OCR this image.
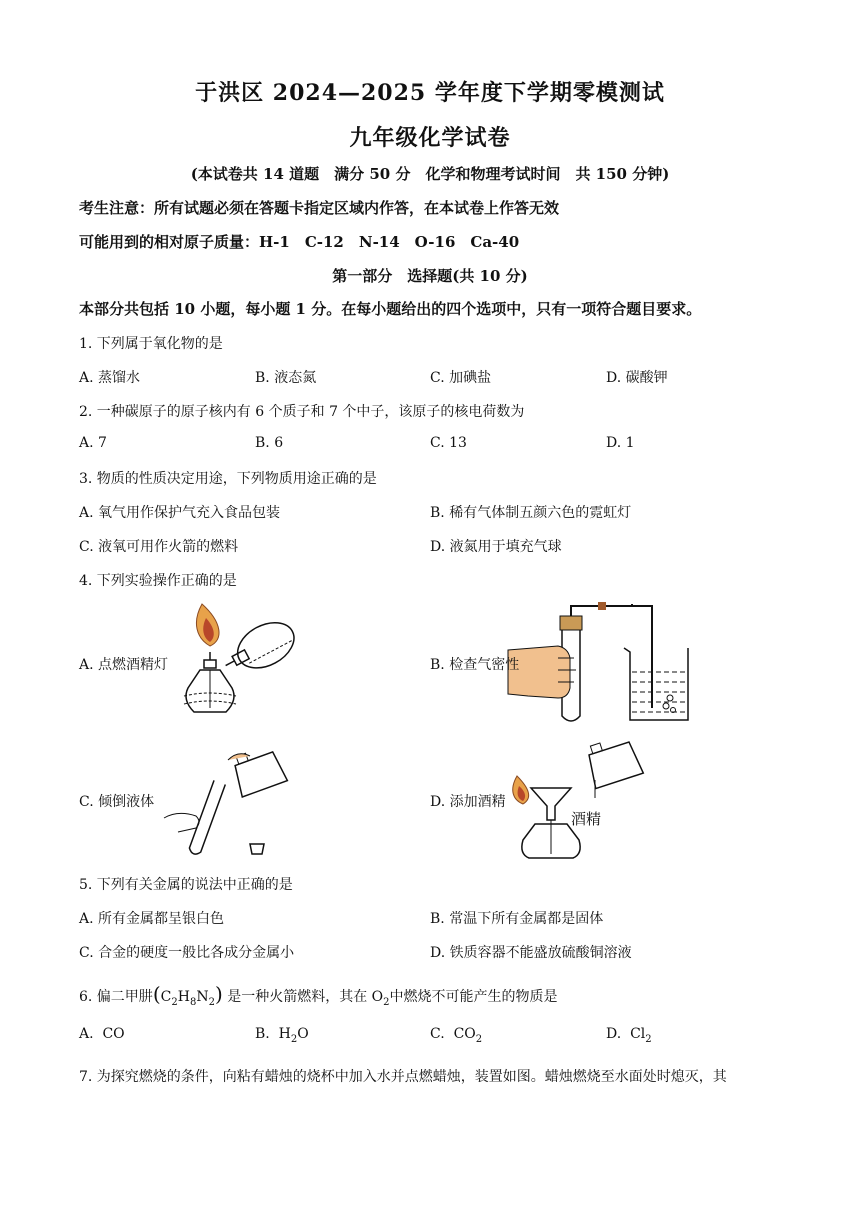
于洪区 2024—2025 学年度下学期零模测试
九年级化学试卷
(本试卷共 14 道题　满分 50 分　化学和物理考试时间　共 150 分钟)
考生注意：所有试题必须在答题卡指定区域内作答，在本试卷上作答无效
可能用到的相对原子质量：H-1　C-12　N-14　O-16　Ca-40
第一部分　选择题(共 10 分)
本部分共包括 10 小题，每小题 1 分。在每小题给出的四个选项中，只有一项符合题目要求。
1. 下列属于氧化物的是
A. 蒸馏水	B. 液态氮	C. 加碘盐	D. 碳酸钾
2. 一种碳原子的原子核内有 6 个质子和 7 个中子，该原子的核电荷数为
A. 7	B. 6	C. 13	D. 1
3. 物质的性质决定用途，下列物质用途正确的是
A. 氧气用作保护气充入食品包装	B. 稀有气体制五颜六色的霓虹灯
C. 液氧可用作火箭的燃料	D. 液氮用于填充气球
4. 下列实验操作正确的是
A. 点燃酒精灯	B. 检查气密性
C. 倾倒液体
酒精
D. 添加酒精
5. 下列有关金属的说法中正确的是
A. 所有金属都呈银白色	B. 常温下所有金属都是固体
C. 合金的硬度一般比各成分金属小	D. 铁质容器不能盛放硫酸铜溶液
6. 偏二甲肼$(C_2H_8N_2)$ 是一种火箭燃料，其在 $O_2$中燃烧不可能产生的物质是
A. CO	B. $H_2O$	C. $CO_2$	D. $Cl_2$
7. 为探究燃烧的条件，向粘有蜡烛的烧杯中加入水并点燃蜡烛，装置如图。蜡烛燃烧至水面处时熄灭，其
